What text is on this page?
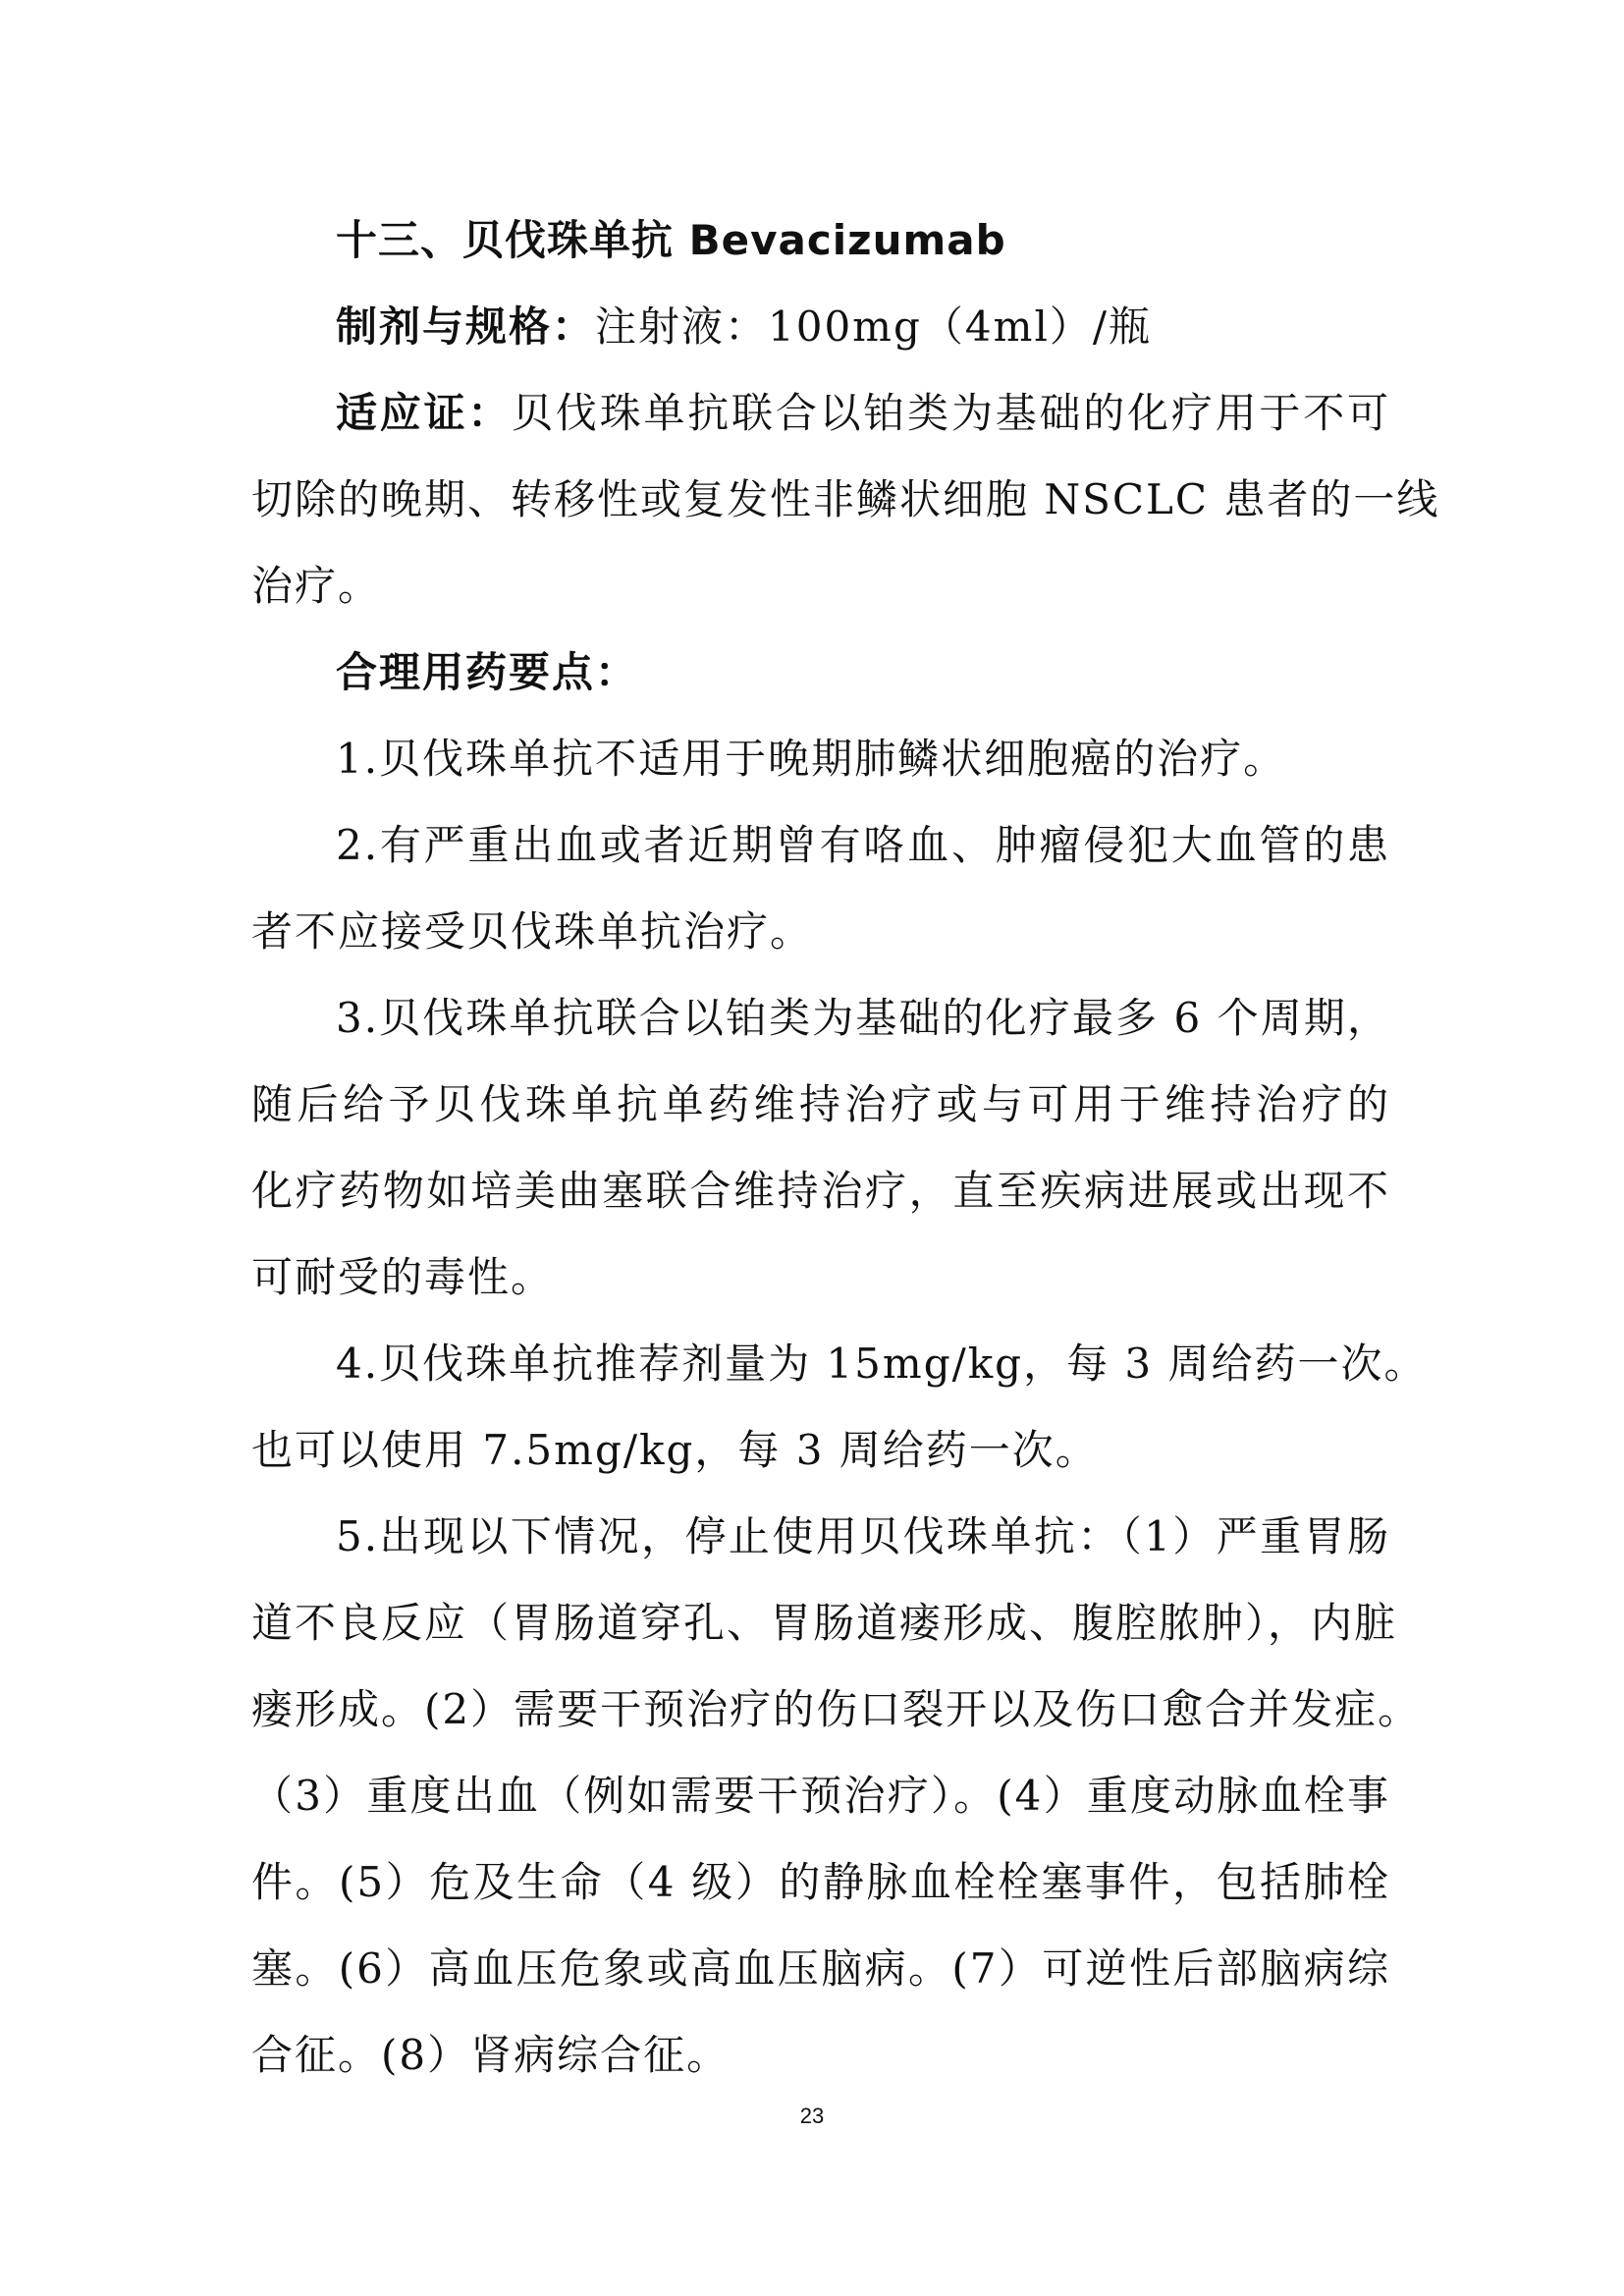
十三、贝伐珠单抗 Bevacizumab
制剂与规格：注射液：100mg（4ml）/瓶
适应证：贝伐珠单抗联合以铂类为基础的化疗用于不可
切除的晚期、转移性或复发性非鳞状细胞 NSCLC 患者的一线
治疗。
合理用药要点：
1.贝伐珠单抗不适用于晚期肺鳞状细胞癌的治疗。
2.有严重出血或者近期曾有咯血、肿瘤侵犯大血管的患
者不应接受贝伐珠单抗治疗。
3.贝伐珠单抗联合以铂类为基础的化疗最多 6 个周期，
随后给予贝伐珠单抗单药维持治疗或与可用于维持治疗的
化疗药物如培美曲塞联合维持治疗，直至疾病进展或出现不
可耐受的毒性。
4.贝伐珠单抗推荐剂量为 15mg/kg，每 3 周给药一次。
也可以使用 7.5mg/kg，每 3 周给药一次。
5.出现以下情况，停止使用贝伐珠单抗：（1）严重胃肠
道不良反应（胃肠道穿孔、胃肠道瘘形成、腹腔脓肿），内脏
瘘形成。(2）需要干预治疗的伤口裂开以及伤口愈合并发症。
（3）重度出血（例如需要干预治疗）。(4）重度动脉血栓事
件。(5）危及生命（4 级）的静脉血栓栓塞事件，包括肺栓
塞。(6）高血压危象或高血压脑病。(7）可逆性后部脑病综
合征。(8）肾病综合征。
23
